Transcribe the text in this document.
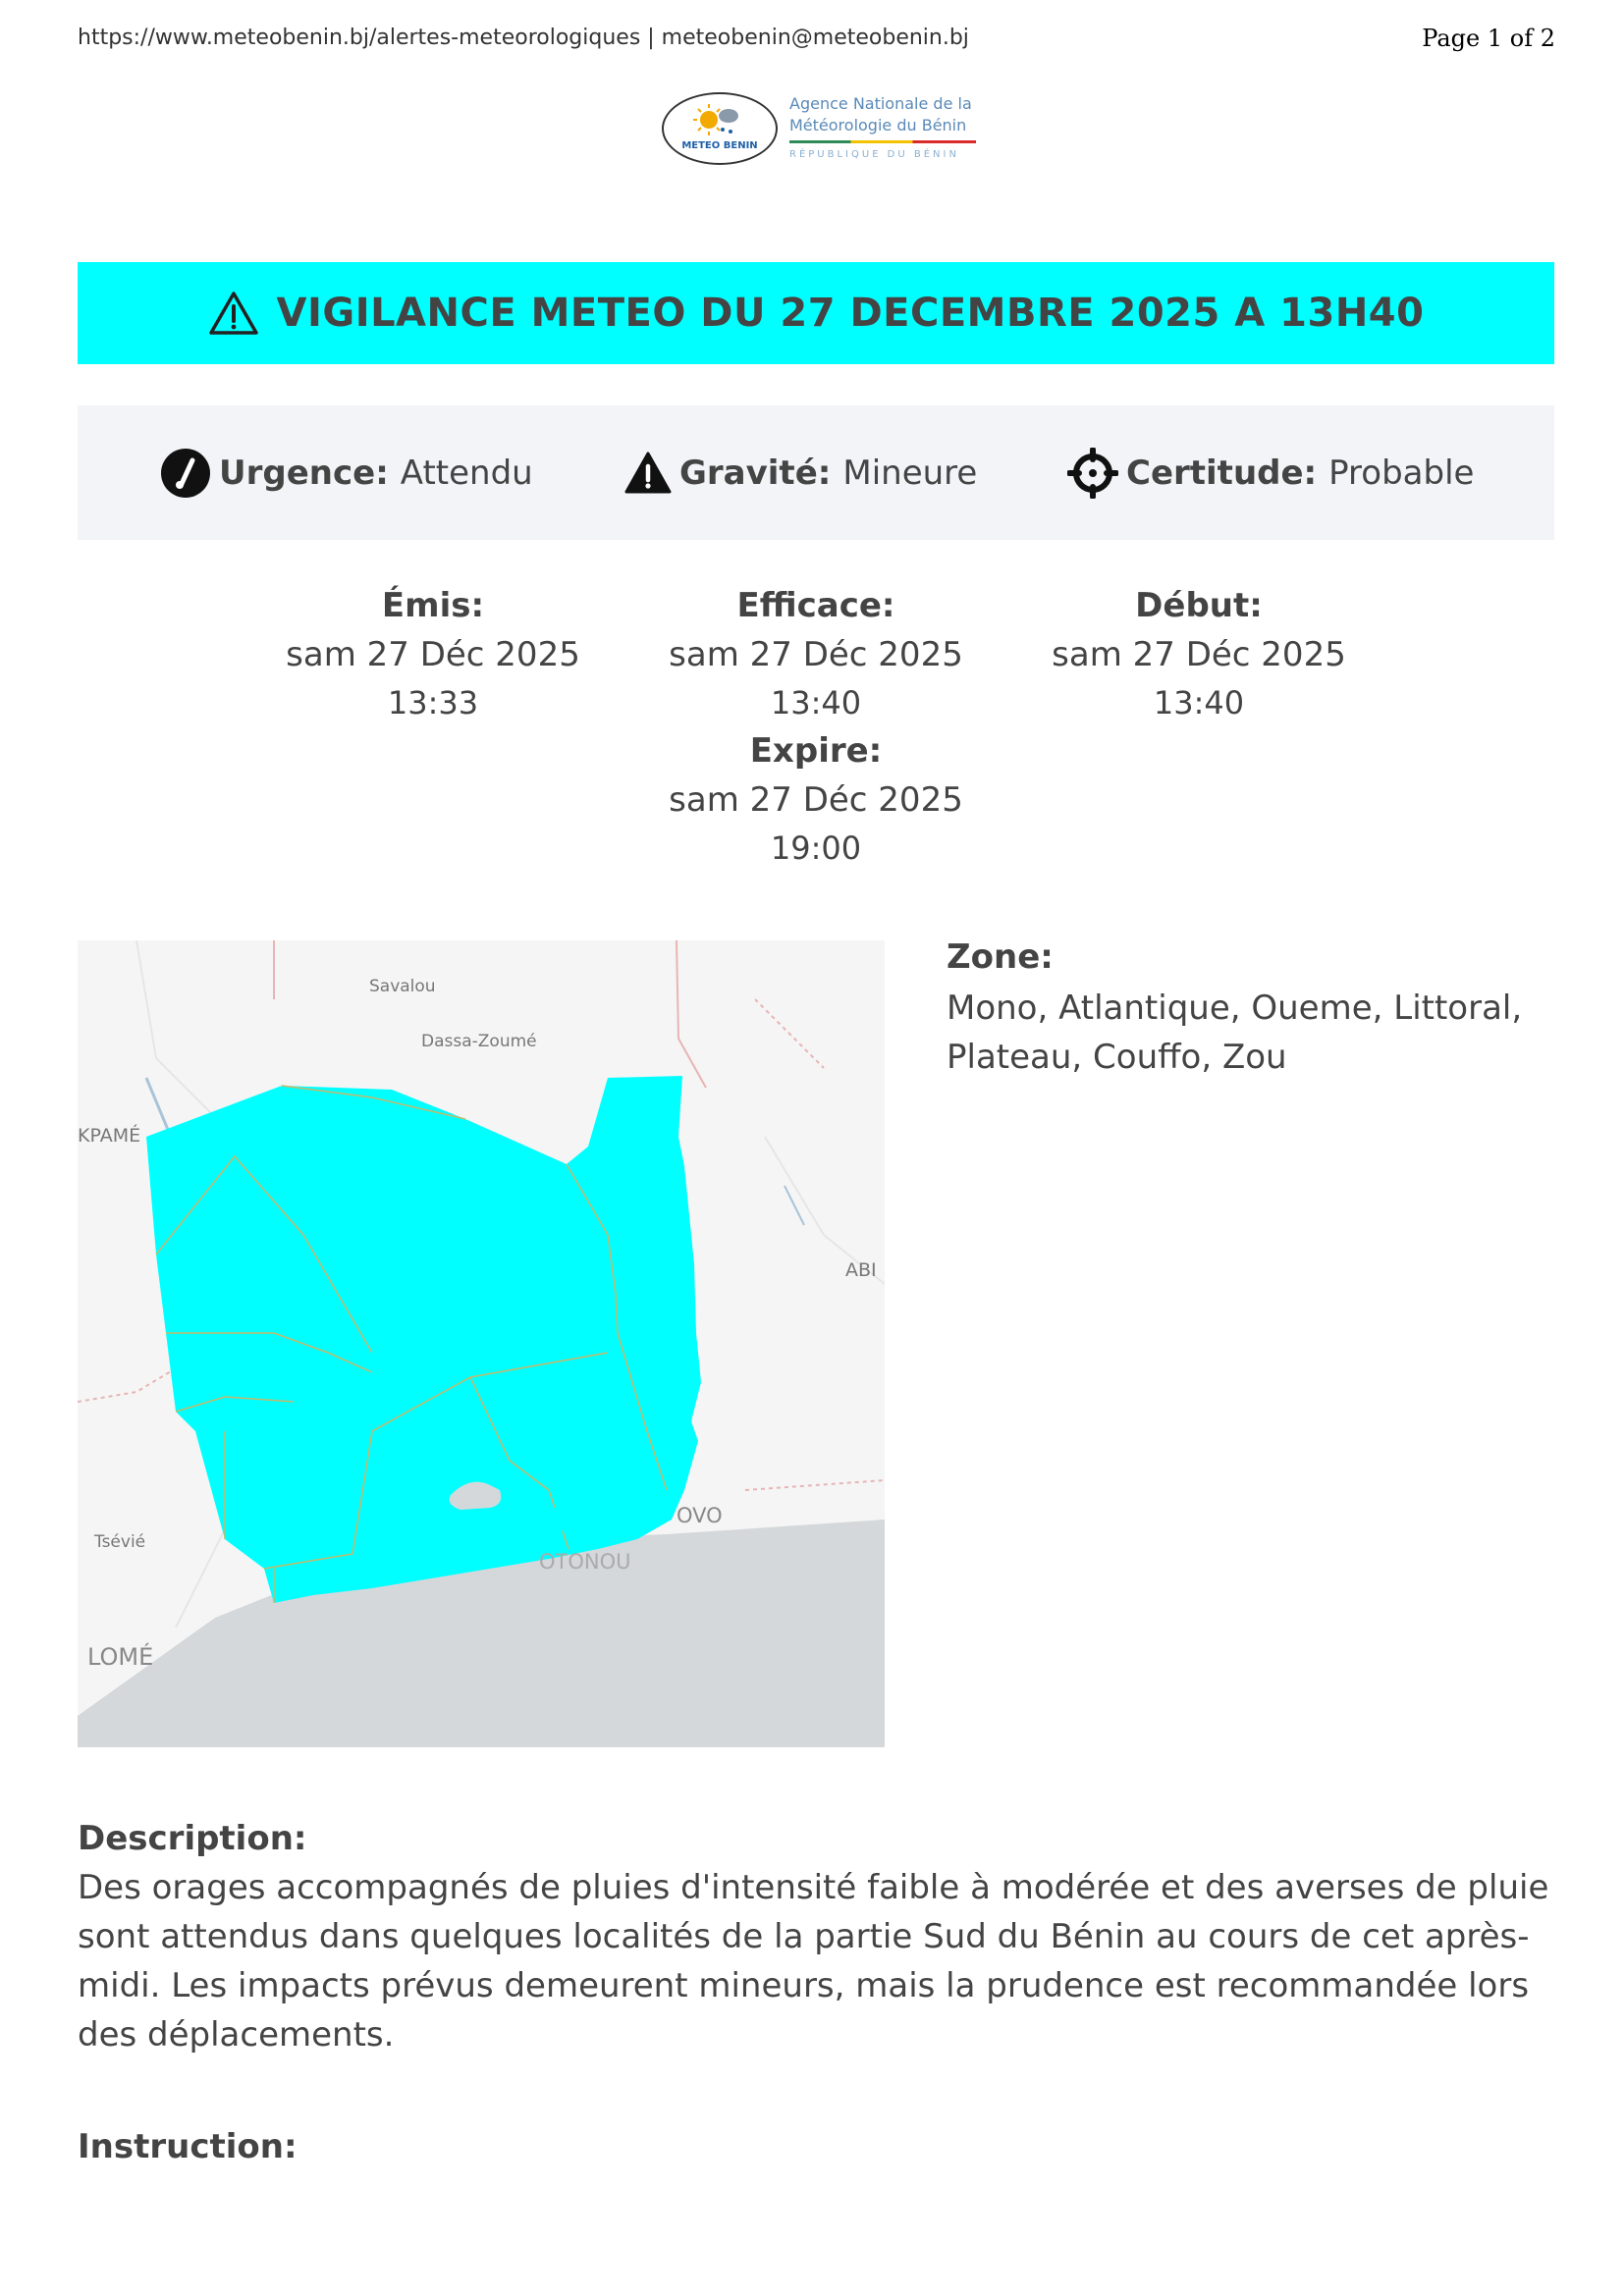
https://www.meteobenin.bj/alertes-meteorologiques | meteobenin@meteobenin.bj	Page 1 of 2
METEO BENIN
Agence Nationale de la
Météorologie du Bénin
RÉPUBLIQUE DU BÉNIN
VIGILANCE METEO DU 27 DECEMBRE 2025 A 13H40
Urgence: Attendu	Gravité: Mineure	Certitude: Probable
Émis:
sam 27 Déc 2025
13:33
Efficace:
sam 27 Déc 2025
13:40
Expire:
sam 27 Déc 2025
19:00
Début:
sam 27 Déc 2025
13:40
Savalou
Dassa-Zoumé
KPAMÉ
ABI
OVO
Tsévié
OTONOU
LOMÉ
Zone:
Mono, Atlantique, Oueme, Littoral, Plateau, Couffo, Zou
Description:
Des orages accompagnés de pluies d'intensité faible à modérée et des averses de pluie sont attendus dans quelques localités de la partie Sud du Bénin au cours de cet après-midi. Les impacts prévus demeurent mineurs, mais la prudence est recommandée lors des déplacements.
Instruction:
